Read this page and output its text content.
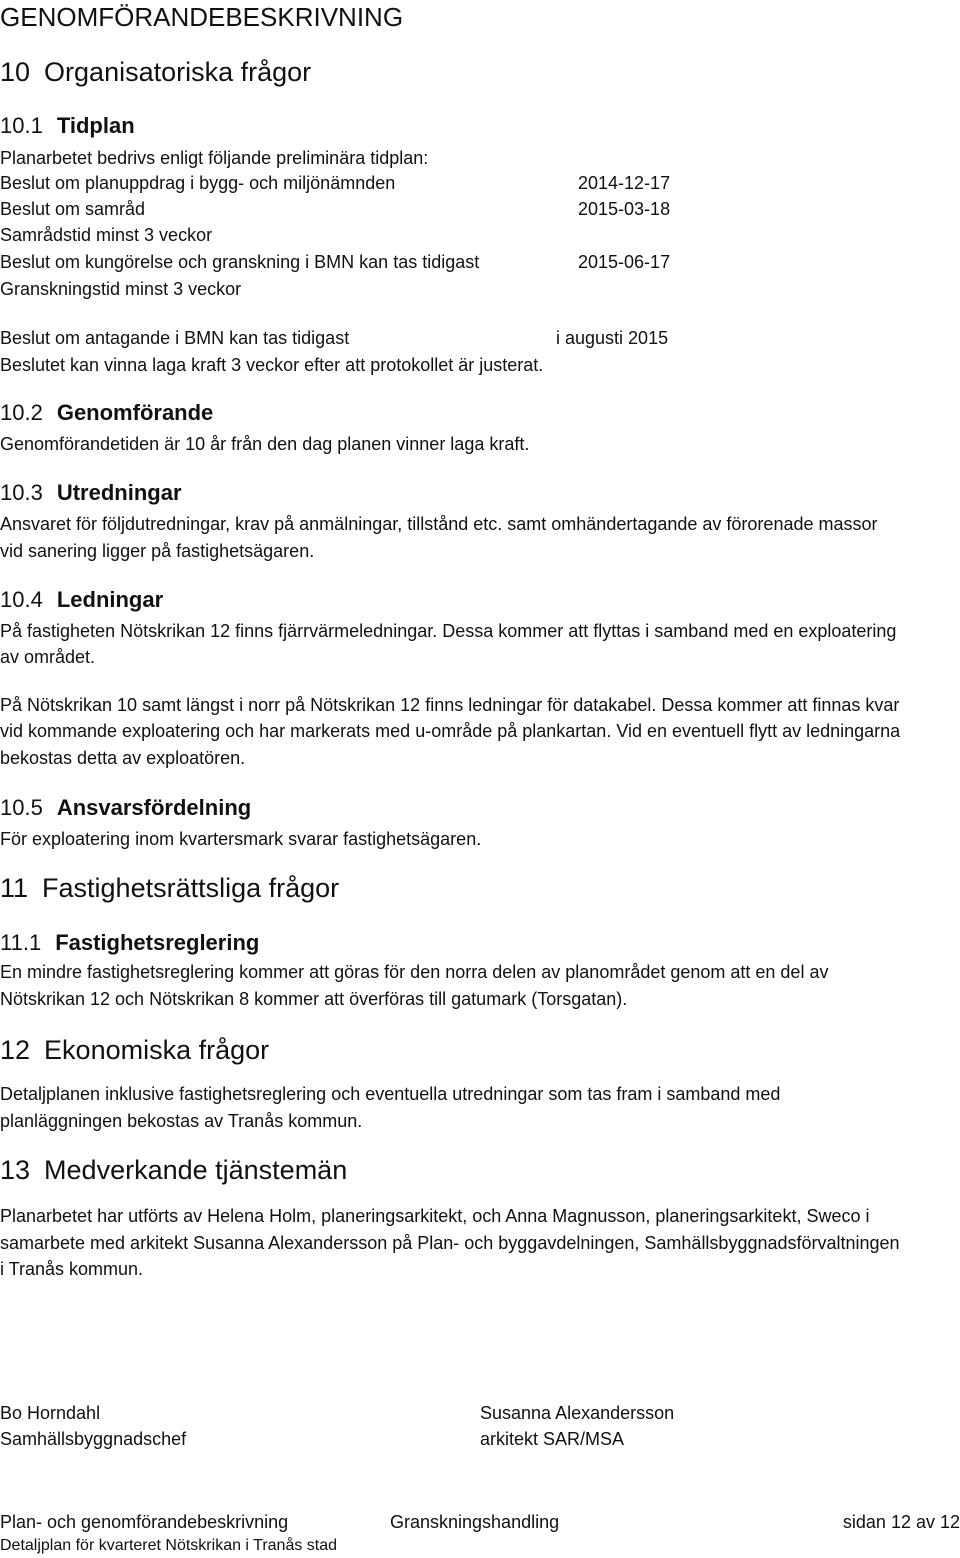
GENOMFÖRANDEBESKRIVNING
10 Organisatoriska frågor
10.1 Tidplan
Planarbetet bedrivs enligt följande preliminära tidplan:
Beslut om planuppdrag i bygg- och miljönämnden	2014-12-17
Beslut om samråd	2015-03-18
Samrådstid minst 3 veckor
Beslut om kungörelse och granskning i BMN kan tas tidigast	2015-06-17
Granskningstid minst 3 veckor
Beslut om antagande i BMN kan tas tidigast	i augusti 2015
Beslutet kan vinna laga kraft 3 veckor efter att protokollet är justerat.
10.2 Genomförande
Genomförandetiden är 10 år från den dag planen vinner laga kraft.
10.3 Utredningar
Ansvaret för följdutredningar, krav på anmälningar, tillstånd etc. samt omhändertagande av förorenade massor
vid sanering ligger på fastighetsägaren.
10.4 Ledningar
På fastigheten Nötskrikan 12 finns fjärrvärmeledningar. Dessa kommer att flyttas i samband med en exploatering
av området.
På Nötskrikan 10 samt längst i norr på Nötskrikan 12 finns ledningar för datakabel. Dessa kommer att finnas kvar
vid kommande exploatering och har markerats med u-område på plankartan. Vid en eventuell flytt av ledningarna
bekostas detta av exploatören.
10.5 Ansvarsfördelning
För exploatering inom kvartersmark svarar fastighetsägaren.
11 Fastighetsrättsliga frågor
11.1 Fastighetsreglering
En mindre fastighetsreglering kommer att göras för den norra delen av planområdet genom att en del av
Nötskrikan 12 och Nötskrikan 8 kommer att överföras till gatumark (Torsgatan).
12 Ekonomiska frågor
Detaljplanen inklusive fastighetsreglering och eventuella utredningar som tas fram i samband med
planläggningen bekostas av Tranås kommun.
13 Medverkande tjänstemän
Planarbetet har utförts av Helena Holm, planeringsarkitekt, och Anna Magnusson, planeringsarkitekt, Sweco i
samarbete med arkitekt Susanna Alexandersson på Plan- och byggavdelningen, Samhällsbyggnadsförvaltningen
i Tranås kommun.
Bo Horndahl
Samhällsbyggnadschef
Susanna Alexandersson
arkitekt SAR/MSA
Plan- och genomförandebeskrivning	Granskningshandling	sidan 12 av 12
Detaljplan för kvarteret Nötskrikan i Tranås stad
